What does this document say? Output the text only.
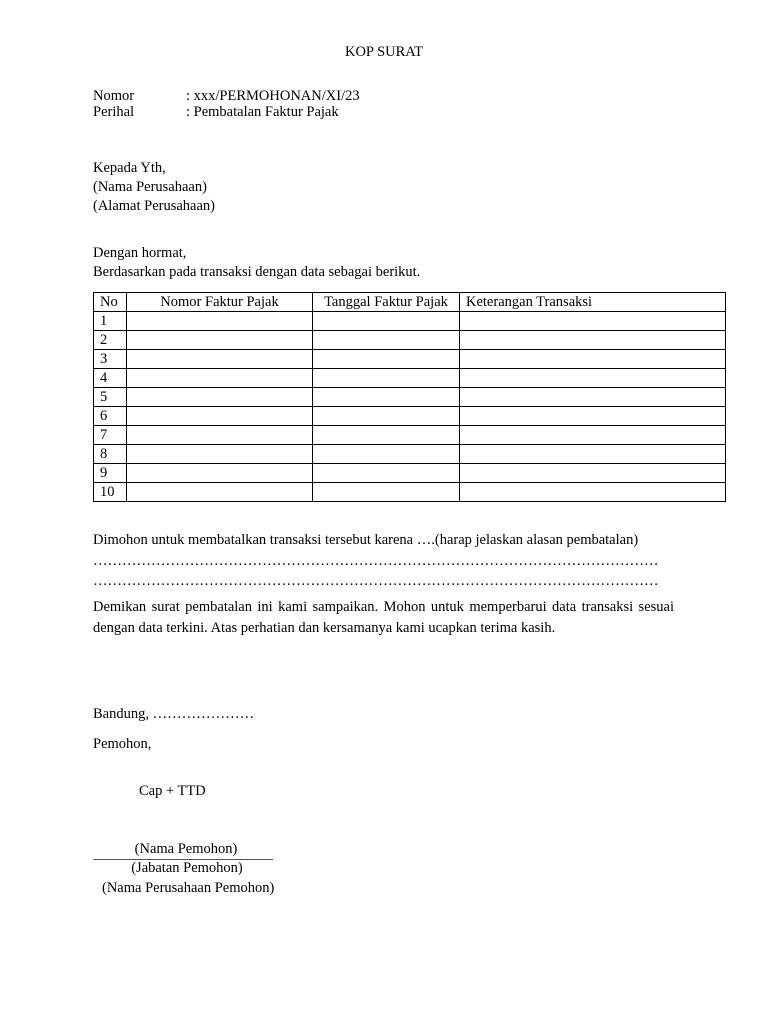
KOP SURAT
Nomor	: xxx/PERMOHONAN/XI/23
Perihal	: Pembatalan Faktur Pajak
Kepada Yth,
(Nama Perusahaan)
(Alamat Perusahaan)
Dengan hormat,
Berdasarkan pada transaksi dengan data sebagai berikut.
No	Nomor Faktur Pajak	Tanggal Faktur Pajak	Keterangan Transaksi
1			
2			
3			
4			
5			
6			
7			
8			
9			
10			
Dimohon untuk membatalkan transaksi tersebut karena ….(harap jelaskan alasan pembatalan)
………………………………………………………………………………………………………
………………………………………………………………………………………………………
Demikan surat pembatalan ini kami sampaikan. Mohon untuk memperbarui data transaksi sesuai dengan data terkini. Atas perhatian dan kersamanya kami ucapkan terima kasih.
Bandung, …………………
Pemohon,
Cap + TTD
(Nama Pemohon)
(Jabatan Pemohon)
(Nama Perusahaan Pemohon)
